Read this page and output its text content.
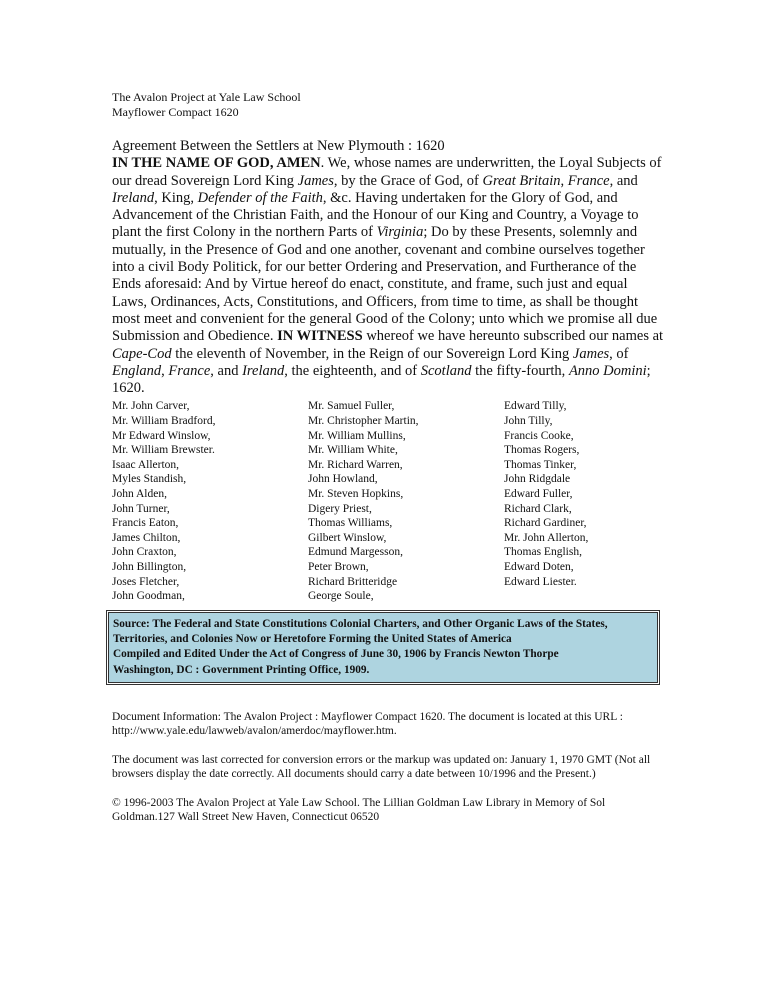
The Avalon Project at Yale Law School
Mayflower Compact 1620
Agreement Between the Settlers at New Plymouth : 1620
IN THE NAME OF GOD, AMEN. We, whose names are underwritten, the Loyal Subjects of our dread Sovereign Lord King James, by the Grace of God, of Great Britain, France, and Ireland, King, Defender of the Faith, &c. Having undertaken for the Glory of God, and Advancement of the Christian Faith, and the Honour of our King and Country, a Voyage to plant the first Colony in the northern Parts of Virginia; Do by these Presents, solemnly and mutually, in the Presence of God and one another, covenant and combine ourselves together into a civil Body Politick, for our better Ordering and Preservation, and Furtherance of the Ends aforesaid: And by Virtue hereof do enact, constitute, and frame, such just and equal Laws, Ordinances, Acts, Constitutions, and Officers, from time to time, as shall be thought most meet and convenient for the general Good of the Colony; unto which we promise all due Submission and Obedience. IN WITNESS whereof we have hereunto subscribed our names at Cape-Cod the eleventh of November, in the Reign of our Sovereign Lord King James, of England, France, and Ireland, the eighteenth, and of Scotland the fifty-fourth, Anno Domini; 1620.
Mr. John Carver,
Mr. William Bradford,
Mr Edward Winslow,
Mr. William Brewster.
Isaac Allerton,
Myles Standish,
John Alden,
John Turner,
Francis Eaton,
James Chilton,
John Craxton,
John Billington,
Joses Fletcher,
John Goodman,
Mr. Samuel Fuller,
Mr. Christopher Martin,
Mr. William Mullins,
Mr. William White,
Mr. Richard Warren,
John Howland,
Mr. Steven Hopkins,
Digery Priest,
Thomas Williams,
Gilbert Winslow,
Edmund Margesson,
Peter Brown,
Richard Britteridge
George Soule,
Edward Tilly,
John Tilly,
Francis Cooke,
Thomas Rogers,
Thomas Tinker,
John Ridgdale
Edward Fuller,
Richard Clark,
Richard Gardiner,
Mr. John Allerton,
Thomas English,
Edward Doten,
Edward Liester.
Source: The Federal and State Constitutions Colonial Charters, and Other Organic Laws of the States,
Territories, and Colonies Now or Heretofore Forming the United States of America
Compiled and Edited Under the Act of Congress of June 30, 1906 by Francis Newton Thorpe
Washington, DC : Government Printing Office, 1909.

Document Information: The Avalon Project : Mayflower Compact 1620. The document is located at this URL : http://www.yale.edu/lawweb/avalon/amerdoc/mayflower.htm.

The document was last corrected for conversion errors or the markup was updated on: January 1, 1970 GMT (Not all browsers display the date correctly. All documents should carry a date between 10/1996 and the Present.)

© 1996-2003 The Avalon Project at Yale Law School. The Lillian Goldman Law Library in Memory of Sol Goldman.127 Wall Street New Haven, Connecticut 06520
